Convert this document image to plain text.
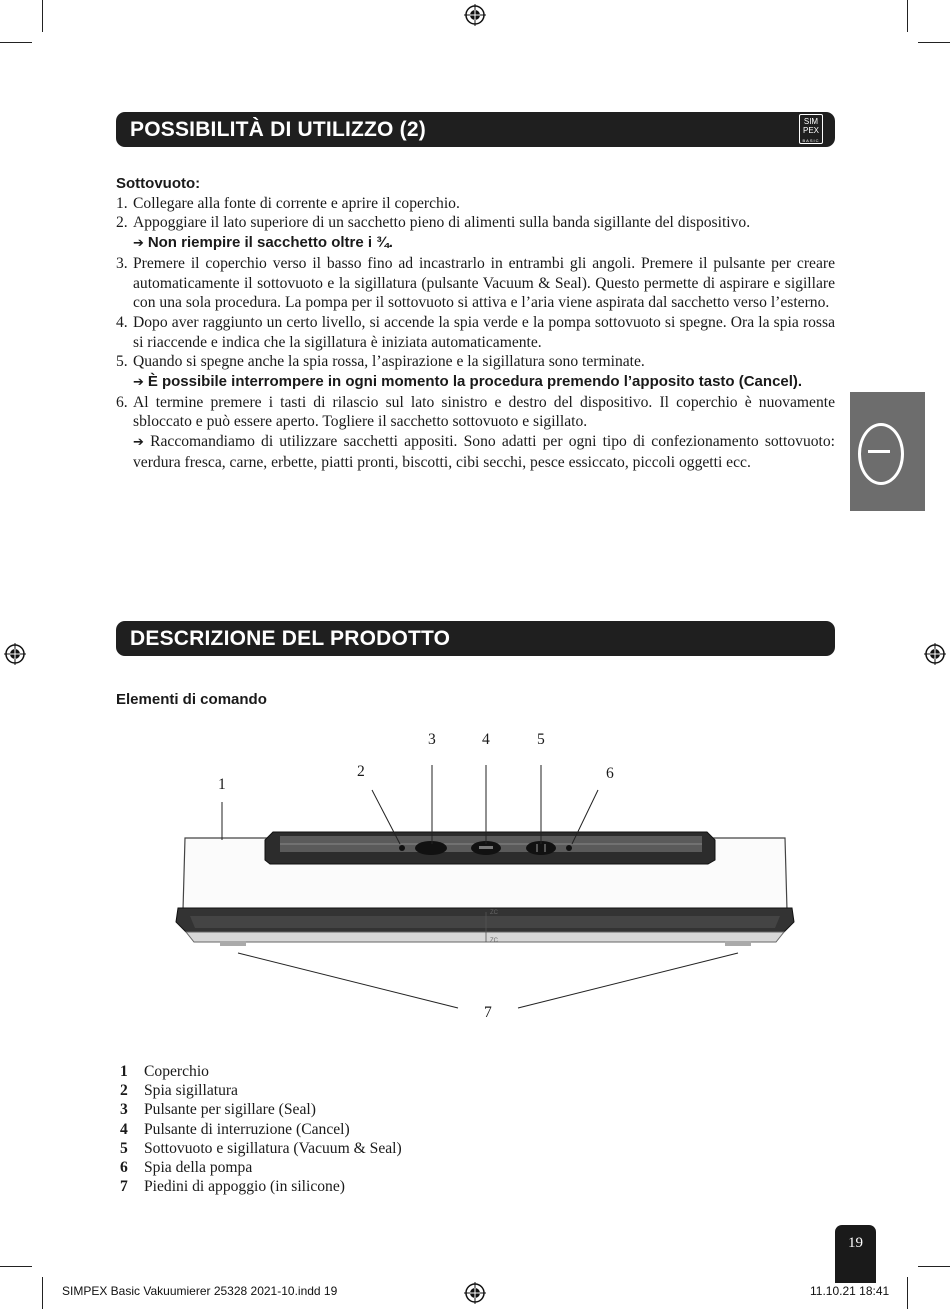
POSSIBILITÀ DI UTILIZZO (2)	SIM
PEX
BASIC
Sottovuoto:
1. Collegare alla fonte di corrente e aprire il coperchio.
2. Appoggiare il lato superiore di un sacchetto pieno di alimenti sulla banda sigillante del dispositivo.
➔ Non riempire il sacchetto oltre i ¾.
3. Premere il coperchio verso il basso fino ad incastrarlo in entrambi gli angoli. Premere il pulsante per creare automaticamente il sottovuoto e la sigillatura (pulsante Vacuum & Seal). Questo permette di aspirare e sigillare con una sola procedura. La pompa per il sottovuoto si attiva e l’aria viene aspirata dal sacchetto verso l’esterno.
4. Dopo aver raggiunto un certo livello, si accende la spia verde e la pompa sottovuoto si spegne. Ora la spia rossa si riaccende e indica che la sigillatura è iniziata automaticamente.
5. Quando si spegne anche la spia rossa, l’aspirazione e la sigillatura sono terminate.
➔ È possibile interrompere in ogni momento la procedura premendo l’apposito tasto (Cancel).
6. Al termine premere i tasti di rilascio sul lato sinistro e destro del dispositivo. Il coperchio è nuovamente sbloccato e può essere aperto. Togliere il sacchetto sottovuoto e sigillato.
➔ Raccomandiamo di utilizzare sacchetti appositi. Sono adatti per ogni tipo di confezionamento sottovuoto: verdura fresca, carne, erbette, piatti pronti, biscotti, cibi secchi, pesce essiccato, piccoli oggetti ecc.
DESCRIZIONE DEL PRODOTTO
Elementi di comando
ZC
ZC
1
2
3	4	5
6
7
1	Coperchio
2	Spia sigillatura
3	Pulsante per sigillare (Seal)
4	Pulsante di interruzione (Cancel)
5	Sottovuoto e sigillatura (Vacuum & Seal)
6	Spia della pompa
7	Piedini di appoggio (in silicone)
19
SIMPEX Basic Vakuumierer 25328 2021-10.indd 19	11.10.21 18:41
